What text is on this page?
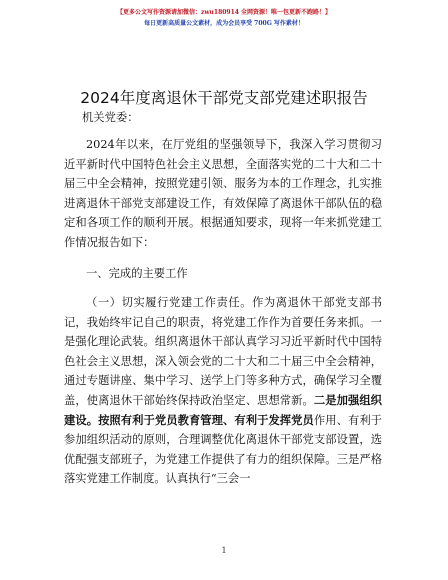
【更多公文写作资源请加微信：zwu180914 全网资源！唯一包更新不跑路！】
每日更新高质量公文素材，成为会员享受 700G 写作素材！
2024年度离退休干部党支部党建述职报告
机关党委：
2024年以来，在厅党组的坚强领导下，我深入学习贯彻习近平新时代中国特色社会主义思想，全面落实党的二十大和二十届三中全会精神，按照党建引领、服务为本的工作理念，扎实推进离退休干部党支部建设工作，有效保障了离退休干部队伍的稳定和各项工作的顺利开展。根据通知要求，现将一年来抓党建工作情况报告如下：
一、完成的主要工作
（一）切实履行党建工作责任。作为离退休干部党支部书记，我始终牢记自己的职责，将党建工作作为首要任务来抓。一是强化理论武装。组织离退休干部认真学习习近平新时代中国特色社会主义思想，深入领会党的二十大和二十届三中全会精神，通过专题讲座、集中学习、送学上门等多种方式，确保学习全覆盖，使离退休干部始终保持政治坚定、思想常新。二是加强组织建设。按照有利于党员教育管理、有利于发挥党员作用、有利于参加组织活动的原则，合理调整优化离退休干部党支部设置，选优配强支部班子，为党建工作提供了有力的组织保障。三是严格落实党建工作制度。认真执行“三会一
1
